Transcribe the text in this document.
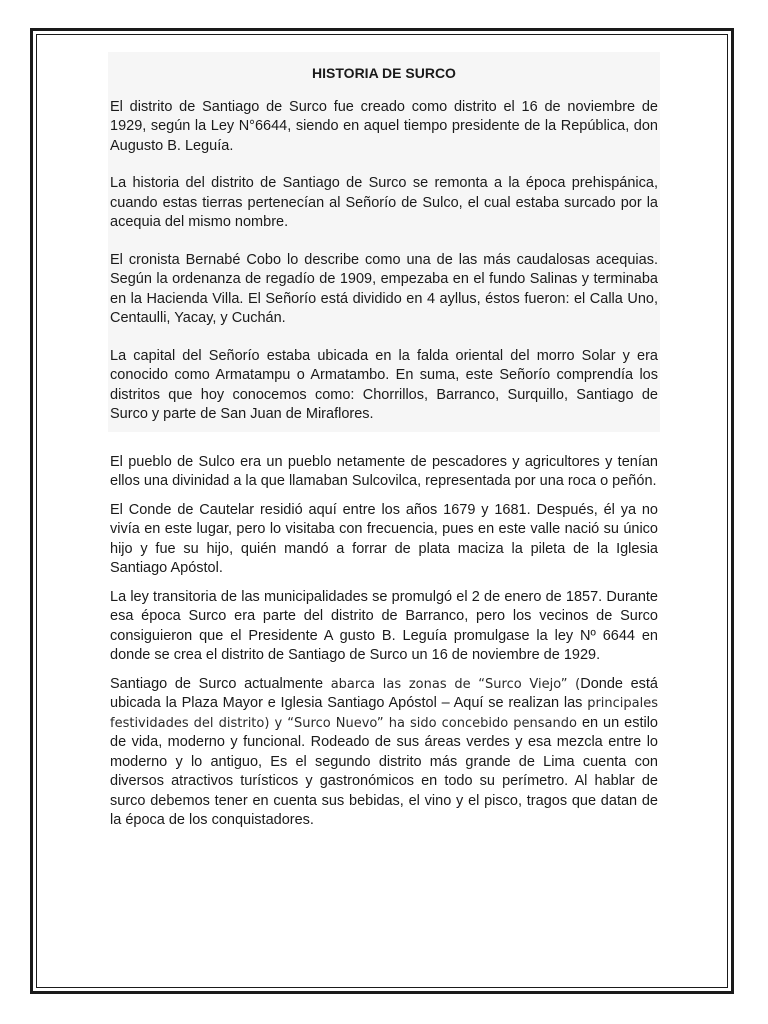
HISTORIA DE SURCO

El distrito de Santiago de Surco fue creado como distrito el 16 de noviembre de 1929, según la Ley N°6644, siendo en aquel tiempo presidente de la República, don Augusto B. Leguía.

La historia del distrito de Santiago de Surco se remonta a la época prehispánica, cuando estas tierras pertenecían al Señorío de Sulco, el cual estaba surcado por la acequia del mismo nombre.

El cronista Bernabé Cobo lo describe como una de las más caudalosas acequias. Según la ordenanza de regadío de 1909, empezaba en el fundo Salinas y terminaba en la Hacienda Villa. El Señorío está dividido en 4 ayllus, éstos fueron: el Calla Uno, Centaulli, Yacay, y Cuchán.

La capital del Señorío estaba ubicada en la falda oriental del morro Solar y era conocido como Armatampu o Armatambo. En suma, este Señorío comprendía los distritos que hoy conocemos como: Chorrillos, Barranco, Surquillo, Santiago de Surco y parte de San Juan de Miraflores.

El pueblo de Sulco era un pueblo netamente de pescadores y agricultores y tenían ellos una divinidad a la que llamaban Sulcovilca, representada por una roca o peñón.

El Conde de Cautelar residió aquí entre los años 1679 y 1681. Después, él ya no vivía en este lugar, pero lo visitaba con frecuencia, pues en este valle nació su único hijo y fue su hijo, quién mandó a forrar de plata maciza la pileta de la Iglesia Santiago Apóstol.

La ley transitoria de las municipalidades se promulgó el 2 de enero de 1857. Durante esa época Surco era parte del distrito de Barranco, pero los vecinos de Surco consiguieron que el Presidente A gusto B. Leguía promulgase la ley Nº 6644 en donde se crea el distrito de Santiago de Surco un 16 de noviembre de 1929.

Santiago de Surco actualmente abarca las zonas de “Surco Viejo” (Donde está ubicada la Plaza Mayor e Iglesia Santiago Apóstol – Aquí se realizan las principales festividades del distrito) y “Surco Nuevo” ha sido concebido pensando en un estilo de vida, moderno y funcional. Rodeado de sus áreas verdes y esa mezcla entre lo moderno y lo antiguo, Es el segundo distrito más grande de Lima cuenta con diversos atractivos turísticos y gastronómicos en todo su perímetro. Al hablar de surco debemos tener en cuenta sus bebidas, el vino y el pisco, tragos que datan de la época de los conquistadores.
